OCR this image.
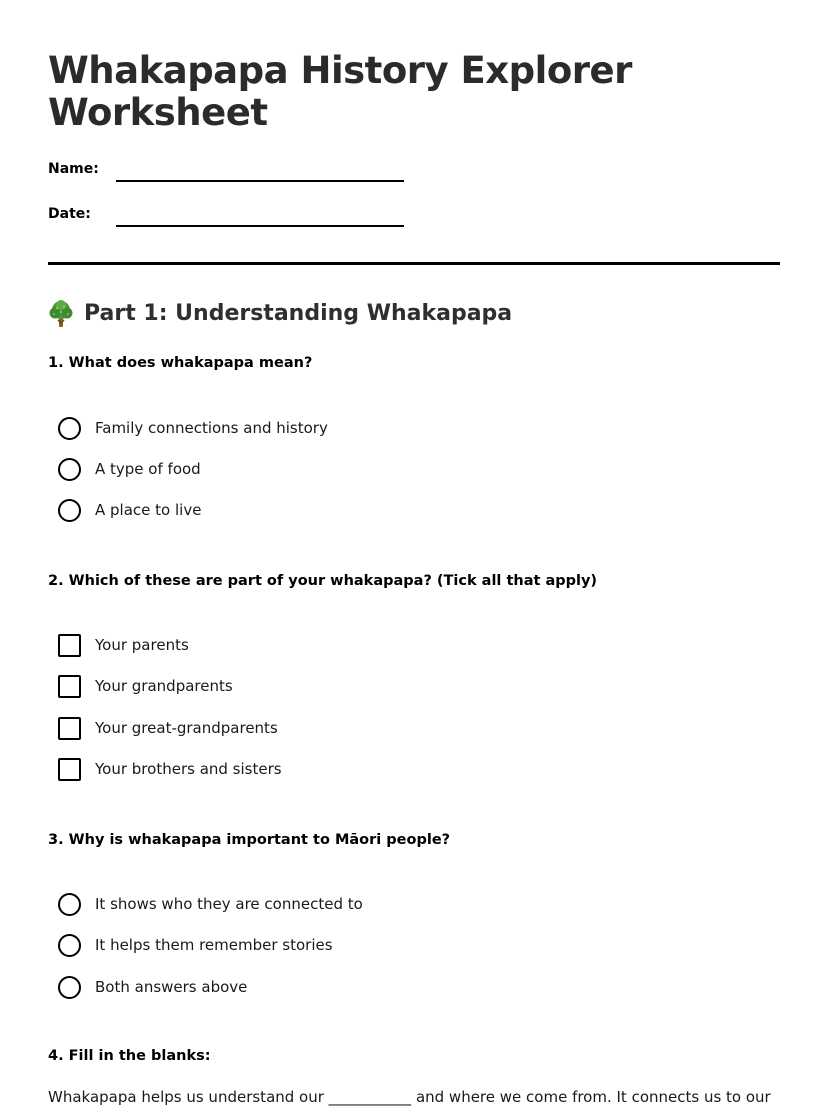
Whakapapa History Explorer Worksheet
Name:
Date:
Part 1: Understanding Whakapapa

1. What does whakapapa mean?

Family connections and history
A type of food
A place to live

2. Which of these are part of your whakapapa? (Tick all that apply)

Your parents
Your grandparents
Your great-grandparents
Your brothers and sisters

3. Why is whakapapa important to Māori people?

It shows who they are connected to
It helps them remember stories
Both answers above

4. Fill in the blanks:

Whakapapa helps us understand our ___________ and where we come from. It connects us to our
